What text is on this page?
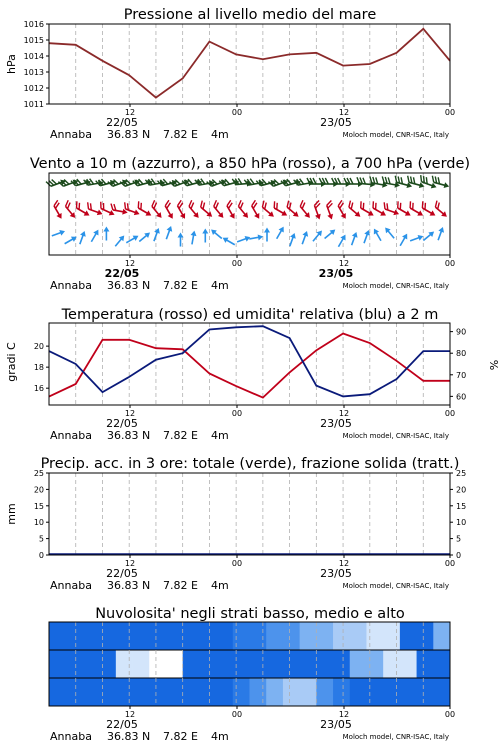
Pressione al livello medio del mare
hPa
1016
1015
1014
1013
1012
1011
12	00	12	00
22/05	23/05
Annaba 36.83 N 7.82 E 4m	Moloch model, CNR-ISAC, Italy
Vento a 10 m (azzurro), a 850 hPa (rosso), a 700 hPa (verde)
12	00	12	00
22/05	23/05
Annaba 36.83 N 7.82 E 4m	Moloch model, CNR-ISAC, Italy
Temperatura (rosso) ed umidita' relativa (blu) a 2 m
gradi C	%
20
18
16
90
80
70
60
12	00	12	00
22/05	23/05
Annaba 36.83 N 7.82 E 4m	Moloch model, CNR-ISAC, Italy
Precip. acc. in 3 ore: totale (verde), frazione solida (tratt.)
mm
25	25
20	20
15	15
10	10
5	5
0	0
12	00	12	00
22/05	23/05
Annaba 36.83 N 7.82 E 4m	Moloch model, CNR-ISAC, Italy
Nuvolosita' negli strati basso, medio e alto
12	00	12	00
22/05	23/05
Annaba 36.83 N 7.82 E 4m	Moloch model, CNR-ISAC, Italy
